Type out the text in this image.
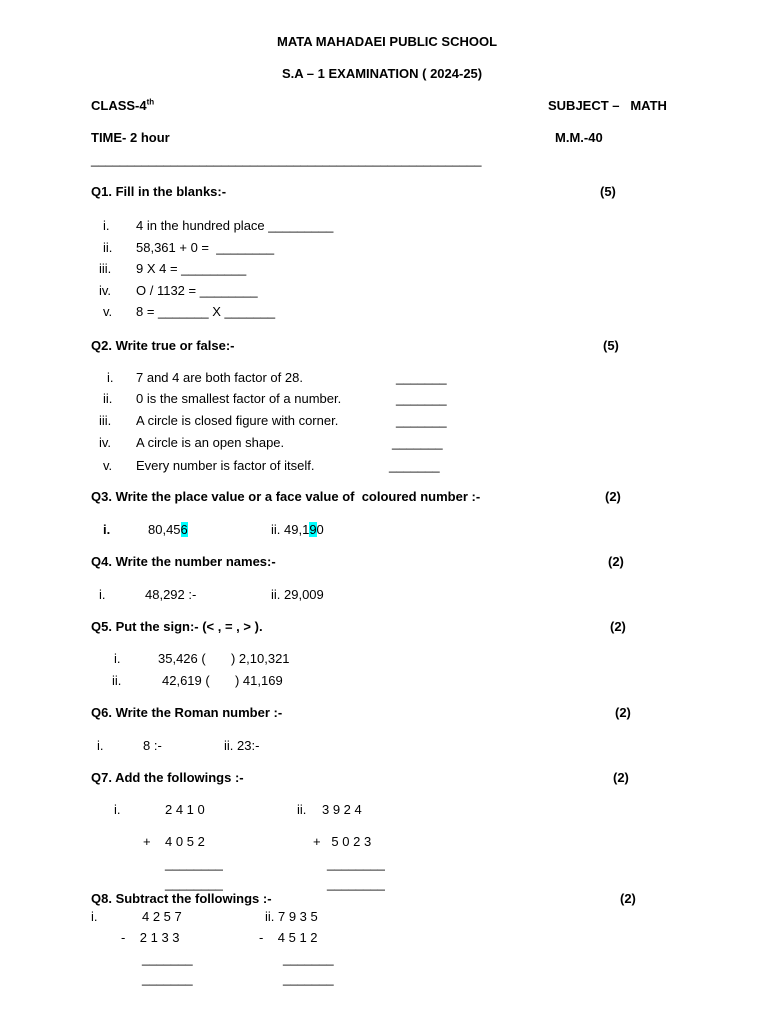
MATA MAHADAEI PUBLIC SCHOOL
S.A – 1 EXAMINATION ( 2024-25)
CLASS-4th	SUBJECT –   MATH
TIME- 2 hour	M.M.-40
______________________________________________________
Q1. Fill in the blanks:-	(5)
i. 4 in the hundred place _________
ii. 58,361 + 0 =  ________
iii. 9 X 4 = _________
iv. O / 1132 = ________
v. 8 = _______ X _______
Q2. Write true or false:-	(5)
i. 7 and 4 are both factor of 28.	_______
ii. 0 is the smallest factor of a number.	_______
iii. A circle is closed figure with corner.	_______
iv. A circle is an open shape.	_______
v. Every number is factor of itself.	_______
Q3. Write the place value or a face value of  coloured number :-	(2)
i.	80,456	ii. 49,190
Q4. Write the number names:-	(2)
i.	48,292 :-	ii. 29,009
Q5. Put the sign:- (< , = , > ).	(2)
i.	35,426 (       ) 2,10,321
ii.	42,619 (       ) 41,169
Q6. Write the Roman number :-	(2)
i.	8 :-	ii. 23:-
Q7. Add the followings :-	(2)
i.	2 4 1 0	ii. 3 9 2 4
+    4 0 5 2	+   5 0 2 3
________	________
________	________
Q8. Subtract the followings :-	(2)
i.	4 2 5 7	ii. 7 9 3 5
-    2 1 3 3	-    4 5 1 2
_______	_______
_______	_______
